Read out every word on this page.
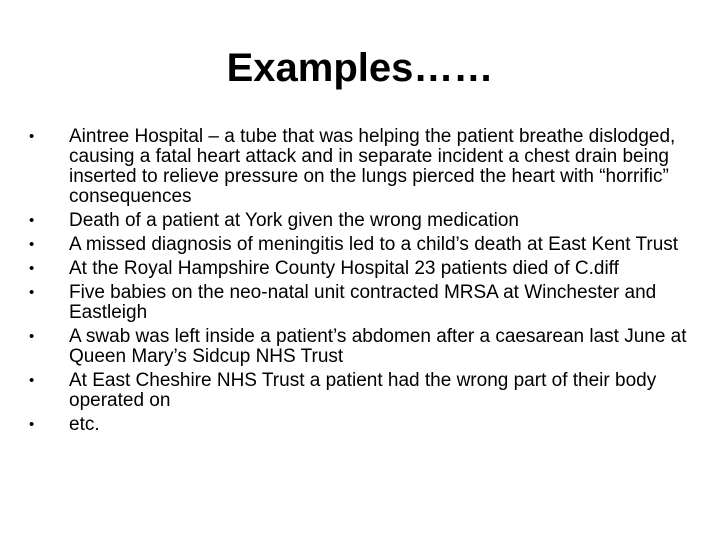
Examples……
•	Aintree Hospital – a tube that was helping the patient breathe dislodged, causing a fatal heart attack and in separate incident a chest drain being inserted to relieve pressure on the lungs pierced the heart with “horrific” consequences
•	Death of a patient at York given the wrong medication
•	A missed diagnosis of meningitis led to a child’s death at East Kent Trust
•	At the Royal Hampshire County Hospital 23 patients died of C.diff
•	Five babies on the neo-natal unit contracted MRSA at Winchester and Eastleigh
•	A swab was left inside a patient’s abdomen after a caesarean last June at Queen Mary’s Sidcup NHS Trust
•	At East Cheshire NHS Trust a patient had the wrong part of their body operated on
•	etc.
